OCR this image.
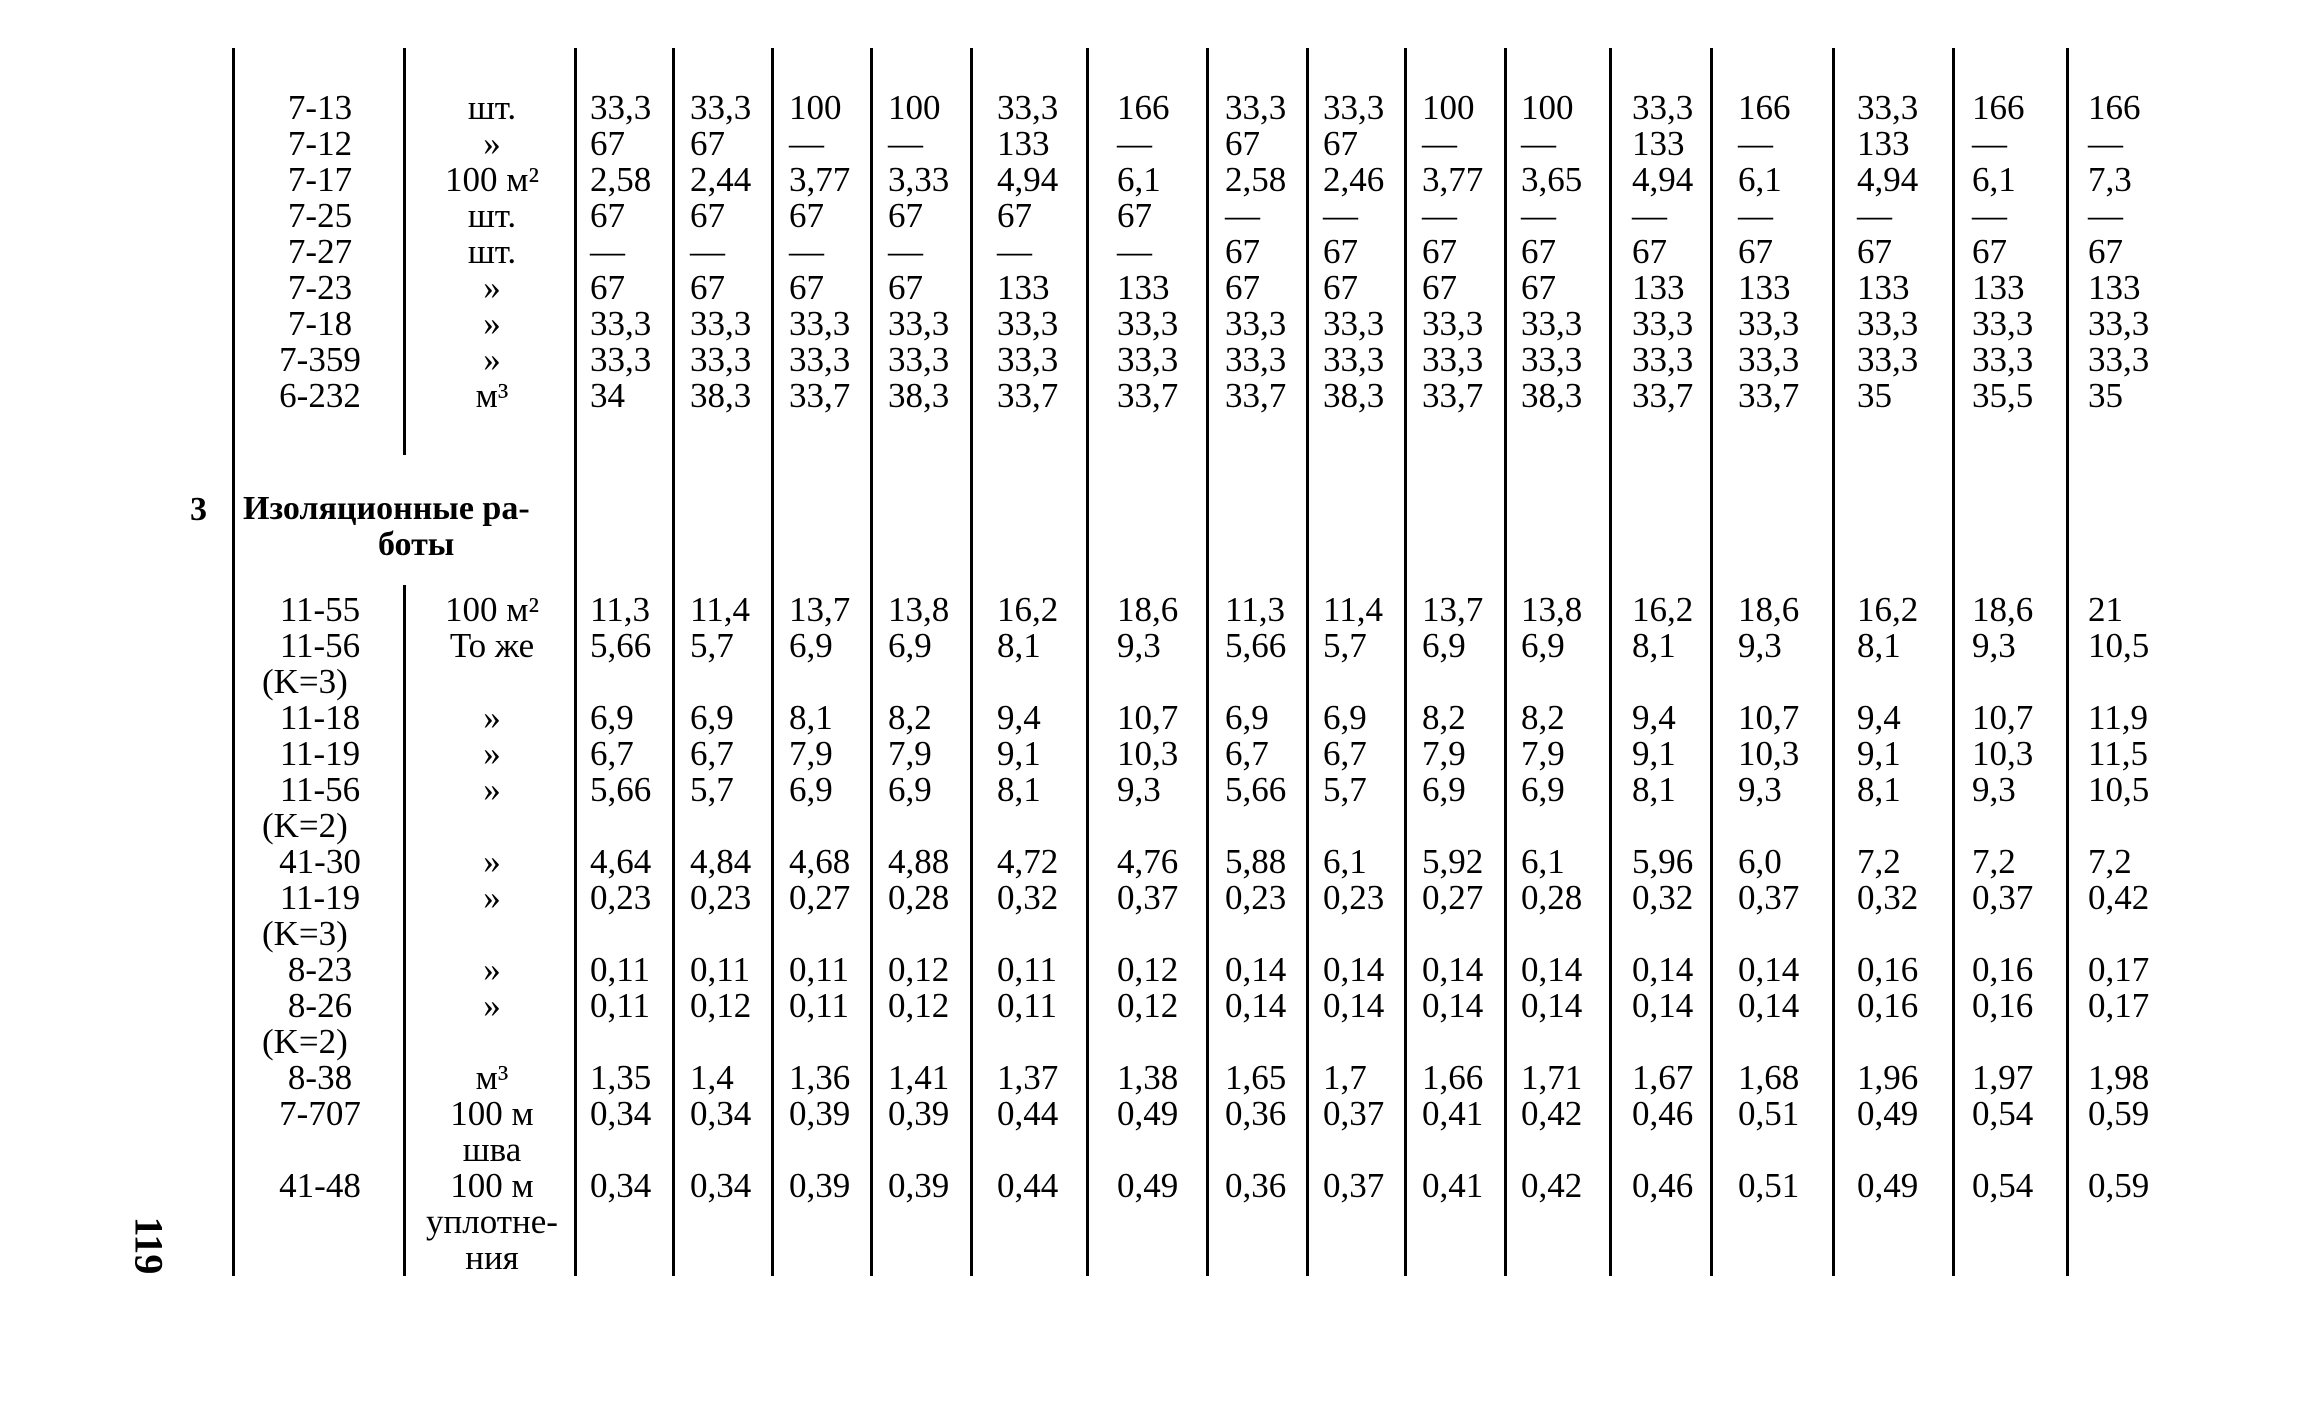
7-13	шт.	33,3 33,3 100 100 33,3 166 33,3 33,3 100 100 33,3 166 33,3 166 166
7-12	»	67 67 — — 133 — 67 67 — — 133 — 133 — —
7-17	100 м²	2,58 2,44 3,77 3,33 4,94 6,1 2,58 2,46 3,77 3,65 4,94 6,1 4,94 6,1 7,3
7-25	шт.	67 67 67 67 67 67 — — — — — — — — —
7-27	шт.	— — — — — — 67 67 67 67 67 67 67 67 67
7-23	»	67 67 67 67 133 133 67 67 67 67 133 133 133 133 133
7-18	»	33,3 33,3 33,3 33,3 33,3 33,3 33,3 33,3 33,3 33,3 33,3 33,3 33,3 33,3 33,3
7-359	»	33,3 33,3 33,3 33,3 33,3 33,3 33,3 33,3 33,3 33,3 33,3 33,3 33,3 33,3 33,3
6-232	м³	34 38,3 33,7 38,3 33,7 33,7 33,7 38,3 33,7 38,3 33,7 33,7 35 35,5 35
11-55	100 м²	11,3 11,4 13,7 13,8 16,2 18,6 11,3 11,4 13,7 13,8 16,2 18,6 16,2 18,6 21
11-56	То же	5,66 5,7 6,9 6,9 8,1 9,3 5,66 5,7 6,9 6,9 8,1 9,3 8,1 9,3 10,5
(K=3)
11-18	»	6,9 6,9 8,1 8,2 9,4 10,7 6,9 6,9 8,2 8,2 9,4 10,7 9,4 10,7 11,9
11-19	»	6,7 6,7 7,9 7,9 9,1 10,3 6,7 6,7 7,9 7,9 9,1 10,3 9,1 10,3 11,5
11-56	»	5,66 5,7 6,9 6,9 8,1 9,3 5,66 5,7 6,9 6,9 8,1 9,3 8,1 9,3 10,5
(K=2)
41-30	»	4,64 4,84 4,68 4,88 4,72 4,76 5,88 6,1 5,92 6,1 5,96 6,0 7,2 7,2 7,2
11-19	»	0,23 0,23 0,27 0,28 0,32 0,37 0,23 0,23 0,27 0,28 0,32 0,37 0,32 0,37 0,42
(K=3)
8-23	»	0,11 0,11 0,11 0,12 0,11 0,12 0,14 0,14 0,14 0,14 0,14 0,14 0,16 0,16 0,17
8-26	»	0,11 0,12 0,11 0,12 0,11 0,12 0,14 0,14 0,14 0,14 0,14 0,14 0,16 0,16 0,17
(K=2)
8-38	м³	1,35 1,4 1,36 1,41 1,37 1,38 1,65 1,7 1,66 1,71 1,67 1,68 1,96 1,97 1,98
7-707	100 м	0,34 0,34 0,39 0,39 0,44 0,49 0,36 0,37 0,41 0,42 0,46 0,51 0,49 0,54 0,59
шва
41-48	100 м	0,34 0,34 0,39 0,39 0,44 0,49 0,36 0,37 0,41 0,42 0,46 0,51 0,49 0,54 0,59
уплотне-
ния
3 Изоляционные ра-
боты
119
